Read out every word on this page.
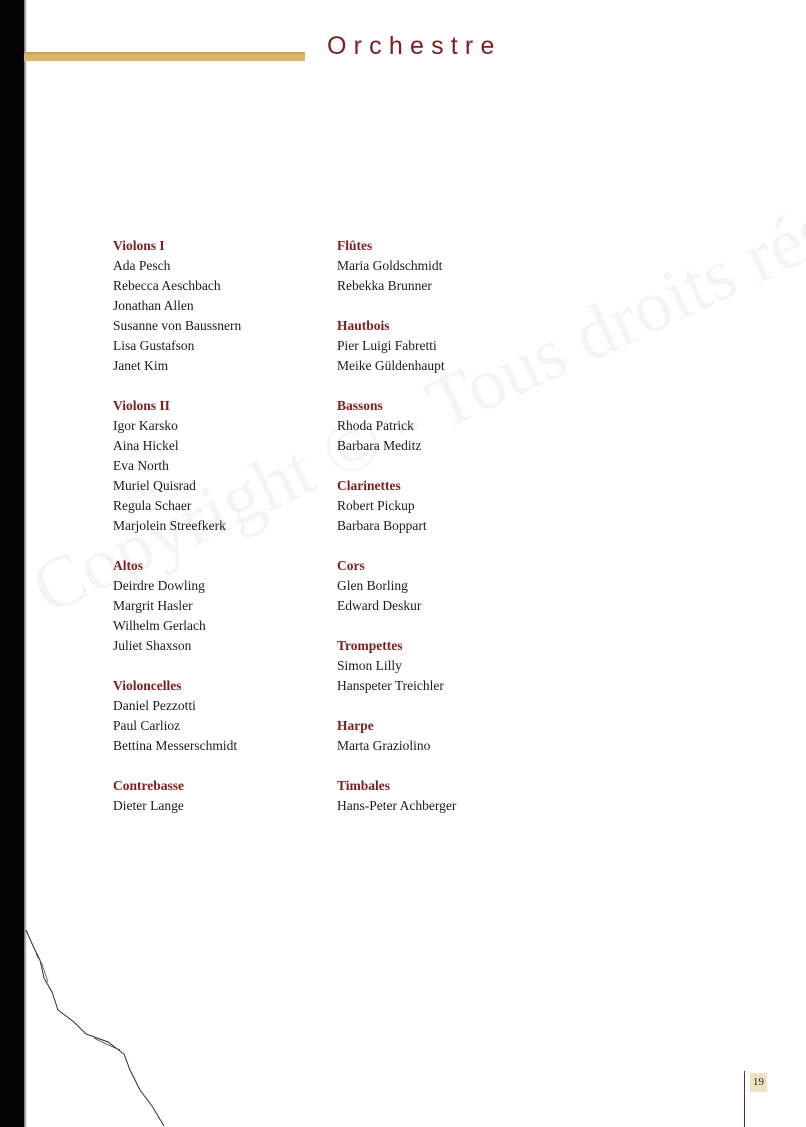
Orchestre
Violons I

Ada Pesch

Rebecca Aeschbach

Jonathan Allen

Susanne von Baussnern

Lisa Gustafson

Janet Kim

Violons II

Igor Karsko

Aina Hickel

Eva North

Muriel Quisrad

Regula Schaer

Marjolein Streefkerk

Altos

Deirdre Dowling

Margrit Hasler

Wilhelm Gerlach

Juliet Shaxson

Violoncelles

Daniel Pezzotti

Paul Carlioz

Bettina Messerschmidt

Contrebasse

Dieter Lange

Flûtes

Maria Goldschmidt

Rebekka Brunner

Hautbois

Pier Luigi Fabretti

Meike Güldenhaupt

Bassons

Rhoda Patrick

Barbara Meditz

Clarinettes

Robert Pickup

Barbara Boppart

Cors

Glen Borling

Edward Deskur

Trompettes

Simon Lilly

Hanspeter Treichler

Harpe

Marta Graziolino

Timbales

Hans-Peter Achberger

19
